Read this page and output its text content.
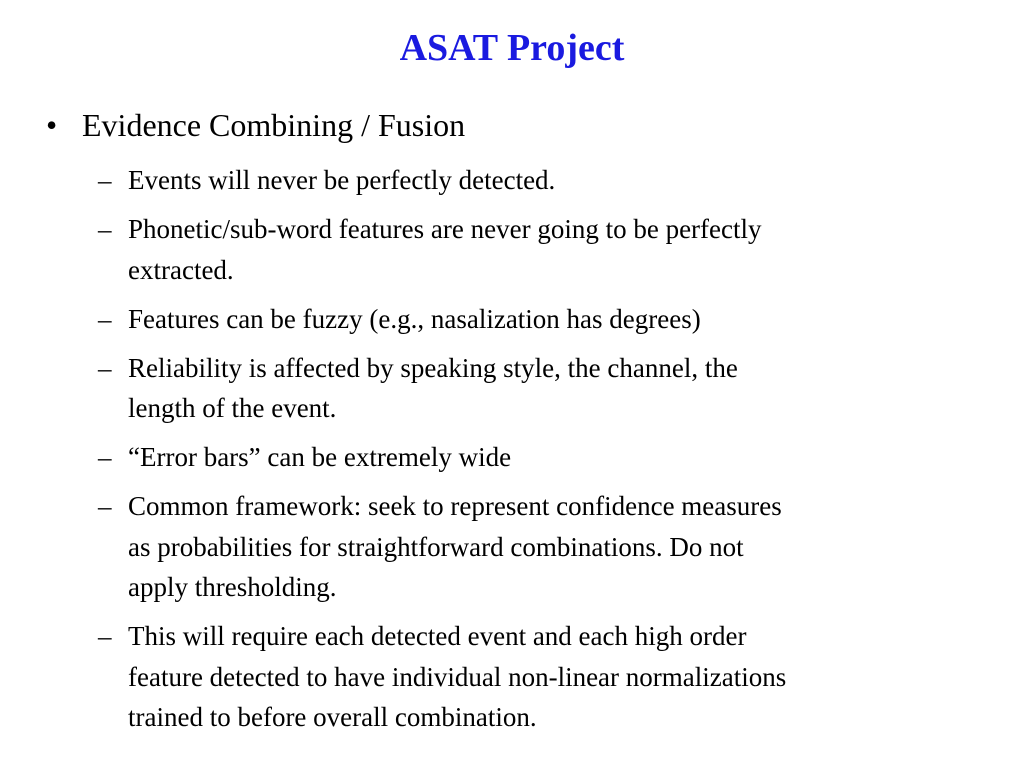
ASAT Project
• Evidence Combining / Fusion
– Events will never be perfectly detected.
– Phonetic/sub-word features are never going to be perfectly
extracted.
– Features can be fuzzy (e.g., nasalization has degrees)
– Reliability is affected by speaking style, the channel, the
length of the event.
– “Error bars” can be extremely wide
– Common framework: seek to represent confidence measures
as probabilities for straightforward combinations. Do not
apply thresholding.
– This will require each detected event and each high order
feature detected to have individual non-linear normalizations
trained to before overall combination.
